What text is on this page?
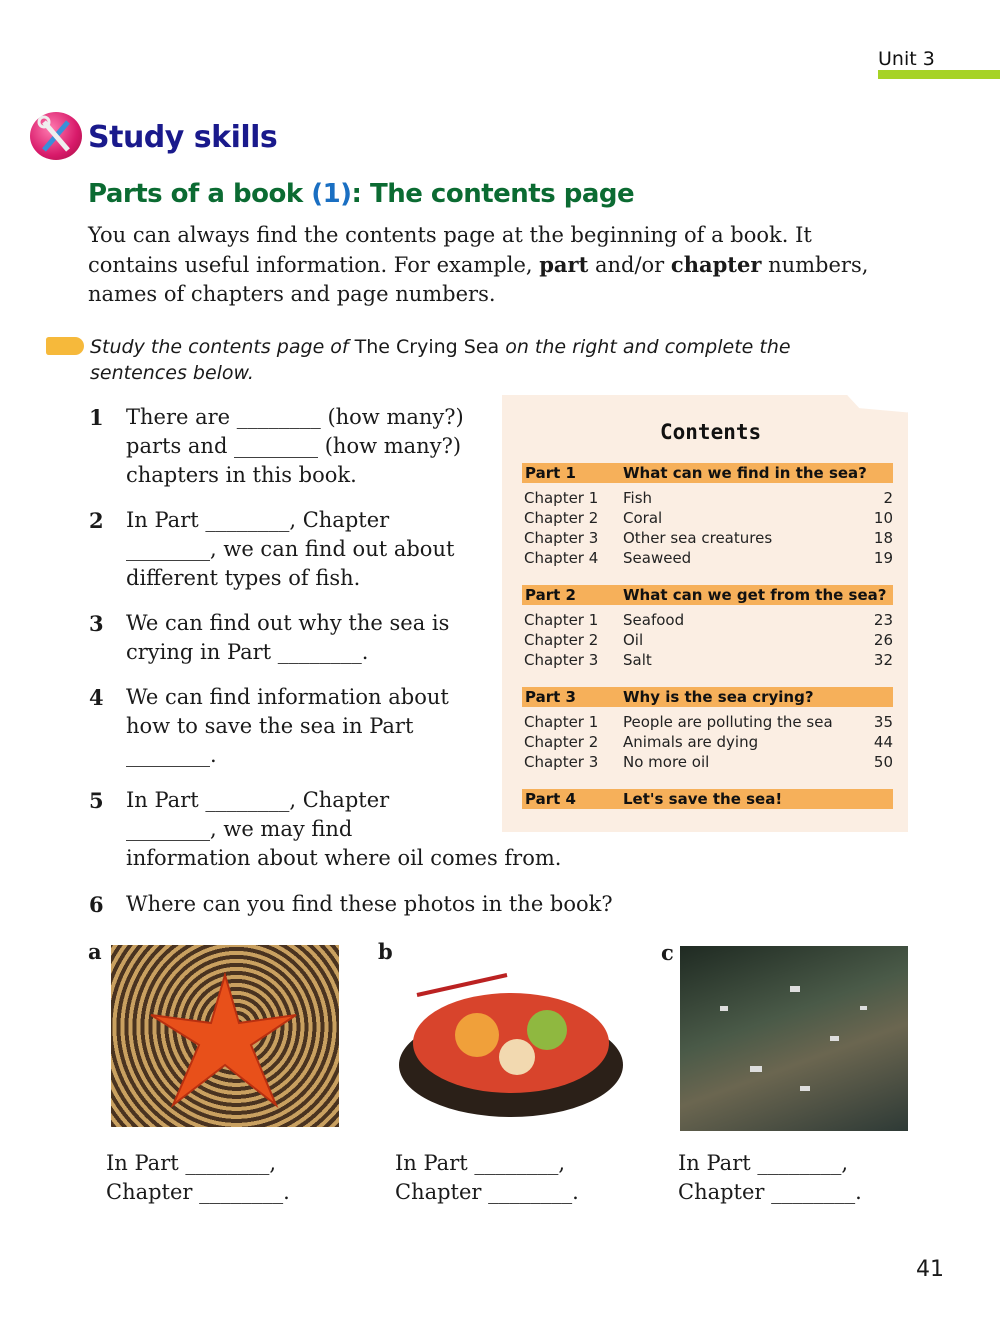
Unit 3
Study skills
Parts of a book (1): The contents page
You can always find the contents page at the beginning of a book. It
contains useful information. For example, part and/or chapter numbers,
names of chapters and page numbers.
Study the contents page of The Crying Sea on the right and complete the
sentences below.
1 There are ________ (how many?)
parts and ________ (how many?)
chapters in this book.
2 In Part ________, Chapter
________, we can find out about
different types of fish.
3 We can find out why the sea is
crying in Part ________.
4 We can find information about
how to save the sea in Part
________.
5 In Part ________, Chapter
________, we may find
information about where oil comes from.
6 Where can you find these photos in the book?
Contents
Part 1	What can we find in the sea?
Chapter 1 Fish	2
Chapter 2 Coral	10
Chapter 3 Other sea creatures	18
Chapter 4 Seaweed	19
Part 2	What can we get from the sea?
Chapter 1 Seafood	23
Chapter 2 Oil	26
Chapter 3 Salt	32
Part 3	Why is the sea crying?
Chapter 1 People are polluting the sea	35
Chapter 2 Animals are dying	44
Chapter 3 No more oil	50
Part 4	Let's save the sea!
a
In Part ________,
Chapter ________.
b
In Part ________,
Chapter ________.
c
In Part ________,
Chapter ________.
41
